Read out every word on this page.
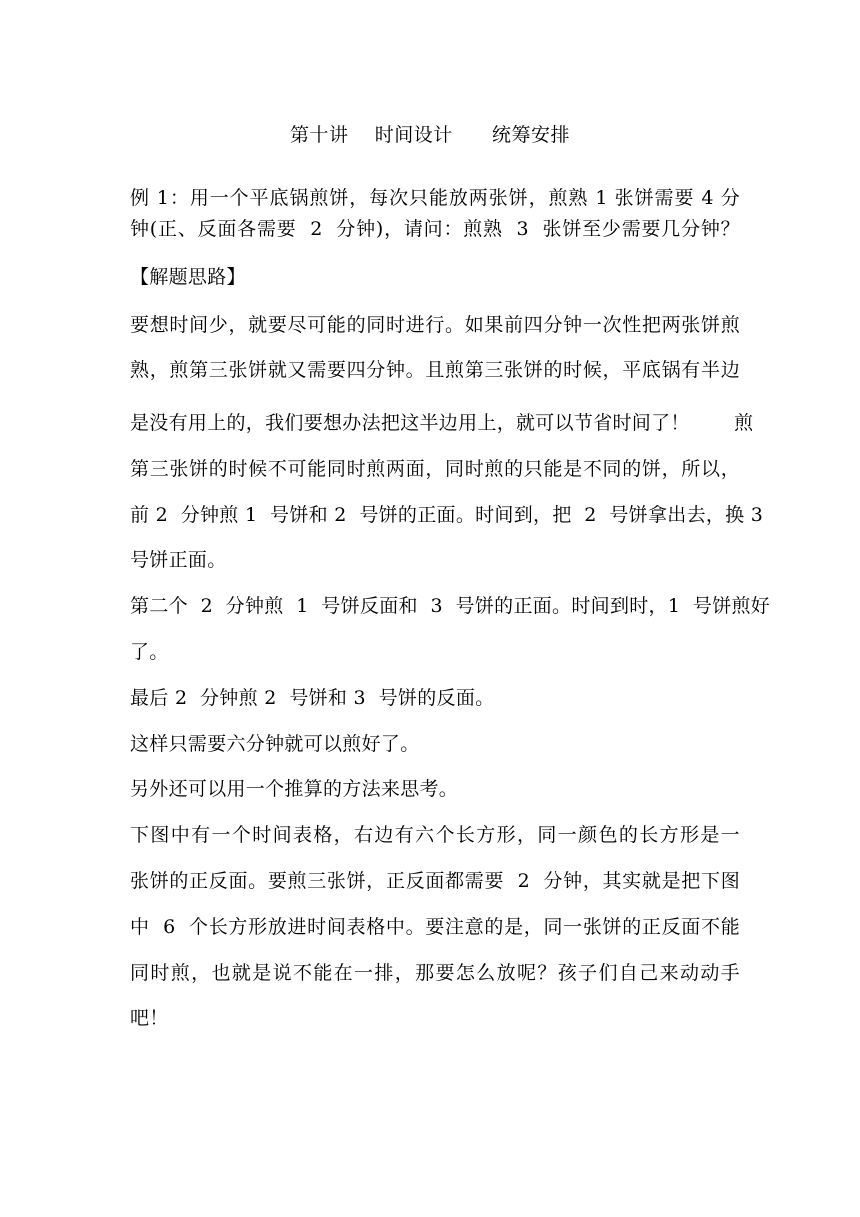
第十讲    时间设计      统筹安排
例 1：用一个平底锅煎饼，每次只能放两张饼，煎熟 1 张饼需要 4 分
钟(正、反面各需要  2  分钟)，请问：煎熟  3  张饼至少需要几分钟？
【解题思路】
要想时间少，就要尽可能的同时进行。如果前四分钟一次性把两张饼煎
熟，煎第三张饼就又需要四分钟。且煎第三张饼的时候，平底锅有半边
是没有用上的，我们要想办法把这半边用上，就可以节省时间了！       煎
第三张饼的时候不可能同时煎两面，同时煎的只能是不同的饼，所以，
前 2  分钟煎 1  号饼和 2  号饼的正面。时间到，把  2  号饼拿出去，换 3
号饼正面。
第二个  2  分钟煎  1  号饼反面和  3  号饼的正面。时间到时，1  号饼煎好
了。
最后 2  分钟煎 2  号饼和 3  号饼的反面。
这样只需要六分钟就可以煎好了。
另外还可以用一个推算的方法来思考。
下图中有一个时间表格，右边有六个长方形，同一颜色的长方形是一
张饼的正反面。要煎三张饼，正反面都需要  2  分钟，其实就是把下图
中  6  个长方形放进时间表格中。要注意的是，同一张饼的正反面不能
同时煎，也就是说不能在一排，那要怎么放呢？孩子们自己来动动手
吧！
